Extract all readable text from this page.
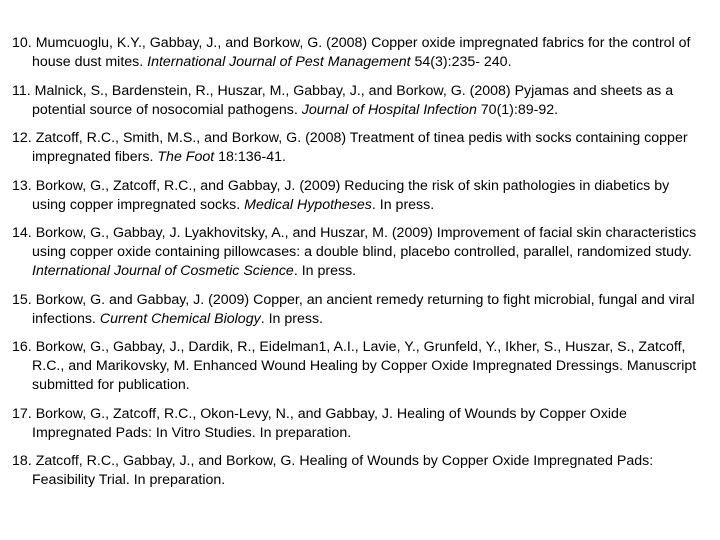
10. Mumcuoglu, K.Y., Gabbay, J., and Borkow, G. (2008) Copper oxide impregnated fabrics for the control of house dust mites. International Journal of Pest Management 54(3):235- 240.
11. Malnick, S., Bardenstein, R., Huszar, M., Gabbay, J., and Borkow, G. (2008) Pyjamas and sheets as a potential source of nosocomial pathogens. Journal of Hospital Infection 70(1):89-92.
12. Zatcoff, R.C., Smith, M.S., and Borkow, G. (2008) Treatment of tinea pedis with socks containing copper impregnated fibers. The Foot 18:136-41.
13. Borkow, G., Zatcoff, R.C., and Gabbay, J. (2009) Reducing the risk of skin pathologies in diabetics by using copper impregnated socks. Medical Hypotheses. In press.
14. Borkow, G., Gabbay, J. Lyakhovitsky, A., and Huszar, M. (2009) Improvement of facial skin characteristics using copper oxide containing pillowcases: a double blind, placebo controlled, parallel, randomized study. International Journal of Cosmetic Science. In press.
15. Borkow, G. and Gabbay, J. (2009) Copper, an ancient remedy returning to fight microbial, fungal and viral infections. Current Chemical Biology. In press.
16. Borkow, G., Gabbay, J., Dardik, R., Eidelman1, A.I., Lavie, Y., Grunfeld, Y., Ikher, S., Huszar, S., Zatcoff, R.C., and Marikovsky, M. Enhanced Wound Healing by Copper Oxide Impregnated Dressings. Manuscript submitted for publication.
17. Borkow, G., Zatcoff, R.C., Okon-Levy, N., and Gabbay, J. Healing of Wounds by Copper Oxide Impregnated Pads: In Vitro Studies. In preparation.
18. Zatcoff, R.C., Gabbay, J., and Borkow, G. Healing of Wounds by Copper Oxide Impregnated Pads: Feasibility Trial. In preparation.
